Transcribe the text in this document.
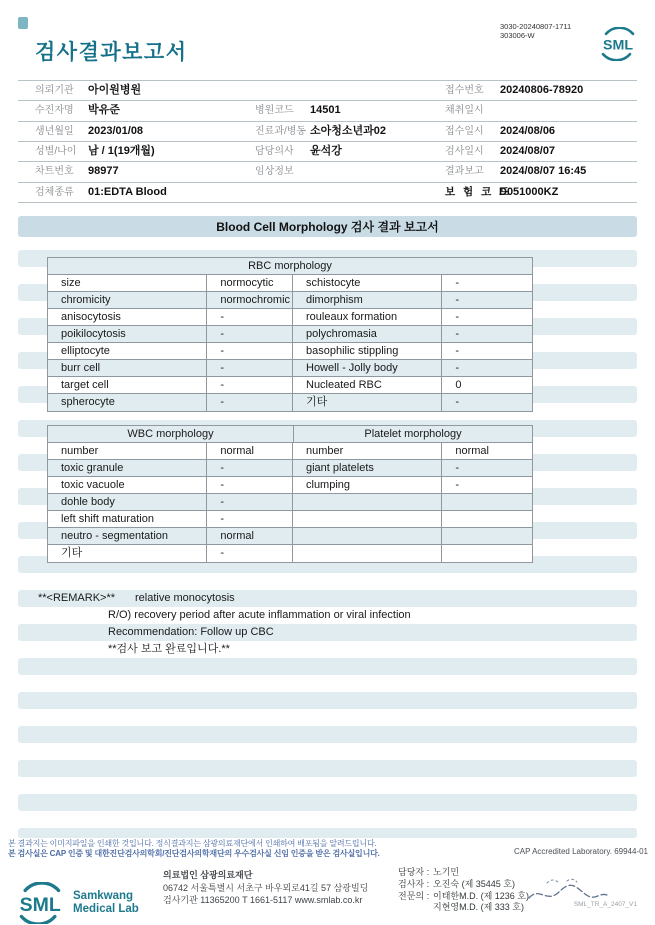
검사결과보고서
3030-20240807-1711
303006-W
SML
의뢰기관 아이원병원	접수번호 20240806-78920
수진자명 박유준	병원코드 14501	채취일시
생년월일 2023/01/08	진료과/병동 소아청소년과02	접수일시 2024/08/06
성별/나이 남 / 1(19개월)	담당의사 윤석강	검사일시 2024/08/07
차트번호 98977	임상정보	결과보고 2024/08/07 16:45
검체종류 01:EDTA Blood	보 험 코 드
D051000KZ
Blood Cell Morphology 검사 결과 보고서
RBC morphology
size	normocytic	schistocyte	-
chromicity	normochromic	dimorphism	-
anisocytosis	-	rouleaux formation	-
poikilocytosis	-	polychromasia	-
elliptocyte	-	basophilic stippling	-
burr cell	-	Howell - Jolly body	-
target cell	-	Nucleated RBC	0
spherocyte	-	기타	-
WBC morphology	Platelet morphology
number	normal	number	normal
toxic granule	-	giant platelets	-
toxic vacuole	-	clumping	-
dohle body	-
left shift maturation	-
neutro - segmentation	normal
기타	-
**<REMARK>** relative monocytosis
R/O) recovery period after acute inflammation or viral infection
Recommendation: Follow up CBC
**검사 보고 완료입니다.**
본 결과지는 이미지파일을 인쇄한 것입니다. 정식결과지는 삼광의료재단에서 인쇄하여 배포됨을 알려드립니다.
본 검사실은 CAP 인증 및 대한진단검사의학회/진단검사의학재단의 우수검사실 신임 인증을 받은 검사실입니다.	CAP Accredited Laboratory. 69944-01
SML Samkwang
Medical Lab
의료법인 삼광의료재단
06742 서울특별시 서초구 바우뫼로41길 57 삼광빌딩
검사기관 11365200 T 1661-5117 www.smlab.co.kr
담당자 : 노기민
검사자 : 오진숙 (제 35445 호)
전문의 : 이태한M.D. (제 1236 호)
지현영M.D. (제 333 호)	SML_TR_A_2407_V1
